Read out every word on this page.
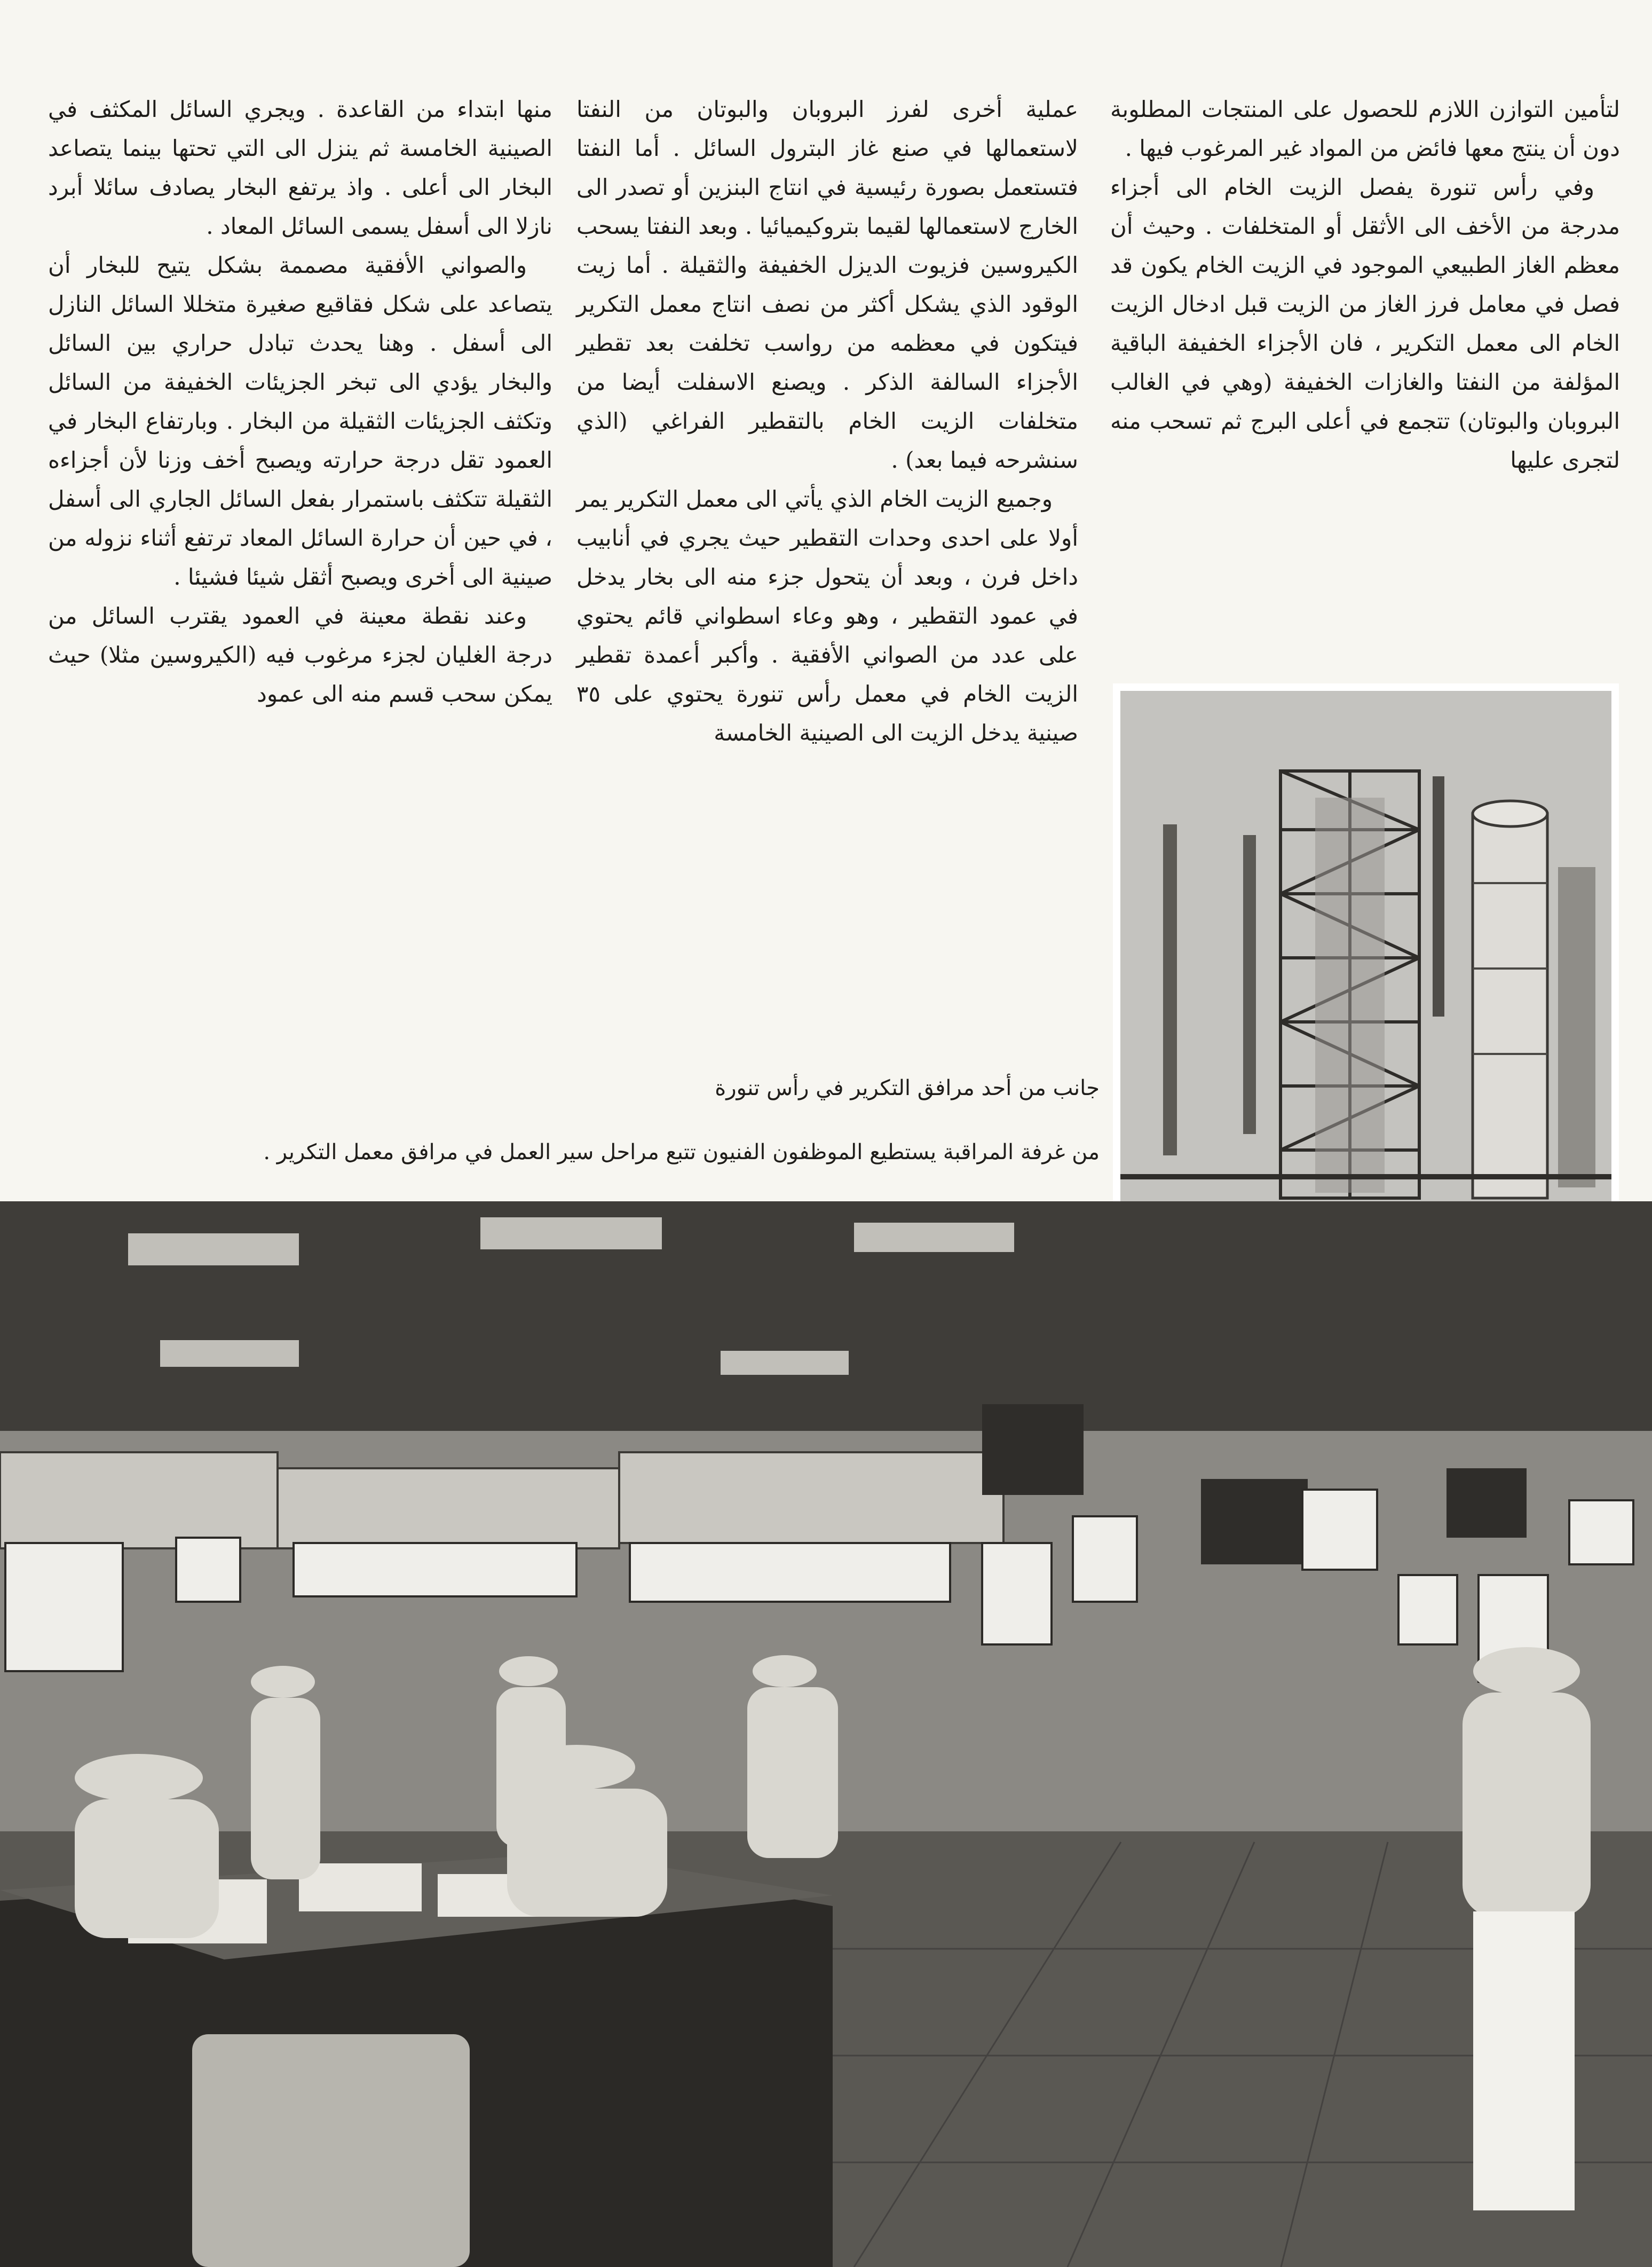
لتأمين التوازن اللازم للحصول على المنتجات المطلوبة دون أن ينتج معها فائض من المواد غير المرغوب فيها .

وفي رأس تنورة يفصل الزيت الخام الى أجزاء مدرجة من الأخف الى الأثقل أو المتخلفات . وحيث أن معظم الغاز الطبيعي الموجود في الزيت الخام يكون قد فصل في معامل فرز الغاز من الزيت قبل ادخال الزيت الخام الى معمل التكرير ، فان الأجزاء الخفيفة الباقية المؤلفة من النفتا والغازات الخفيفة (وهي في الغالب البروبان والبوتان) تتجمع في أعلى البرج ثم تسحب منه لتجرى عليها

عملية أخرى لفرز البروبان والبوتان من النفتا لاستعمالها في صنع غاز البترول السائل . أما النفتا فتستعمل بصورة رئيسية في انتاج البنزين أو تصدر الى الخارج لاستعمالها لقيما بتروكيميائيا . وبعد النفتا يسحب الكيروسين فزيوت الديزل الخفيفة والثقيلة . أما زيت الوقود الذي يشكل أكثر من نصف انتاج معمل التكرير فيتكون في معظمه من رواسب تخلفت بعد تقطير الأجزاء السالفة الذكر . ويصنع الاسفلت أيضا من متخلفات الزيت الخام بالتقطير الفراغي (الذي سنشرحه فيما بعد) .

وجميع الزيت الخام الذي يأتي الى معمل التكرير يمر أولا على احدى وحدات التقطير حيث يجري في أنابيب داخل فرن ، وبعد أن يتحول جزء منه الى بخار يدخل في عمود التقطير ، وهو وعاء اسطواني قائم يحتوي على عدد من الصواني الأفقية . وأكبر أعمدة تقطير الزيت الخام في معمل رأس تنورة يحتوي على ٣٥ صينية يدخل الزيت الى الصينية الخامسة

منها ابتداء من القاعدة . ويجري السائل المكثف في الصينية الخامسة ثم ينزل الى التي تحتها بينما يتصاعد البخار الى أعلى . واذ يرتفع البخار يصادف سائلا أبرد نازلا الى أسفل يسمى السائل المعاد .

والصواني الأفقية مصممة بشكل يتيح للبخار أن يتصاعد على شكل فقاقيع صغيرة متخللا السائل النازل الى أسفل . وهنا يحدث تبادل حراري بين السائل والبخار يؤدي الى تبخر الجزيئات الخفيفة من السائل وتكثف الجزيئات الثقيلة من البخار . وبارتفاع البخار في العمود تقل درجة حرارته ويصبح أخف وزنا لأن أجزاءه الثقيلة تتكثف باستمرار بفعل السائل الجاري الى أسفل ، في حين أن حرارة السائل المعاد ترتفع أثناء نزوله من صينية الى أخرى ويصبح أثقل شيئا فشيئا .

وعند نقطة معينة في العمود يقترب السائل من درجة الغليان لجزء مرغوب فيه (الكيروسين مثلا) حيث يمكن سحب قسم منه الى عمود

جانب من أحد مرافق التكرير في رأس تنورة
من غرفة المراقبة يستطيع الموظفون الفنيون تتبع مراحل سير العمل في مرافق معمل التكرير .
